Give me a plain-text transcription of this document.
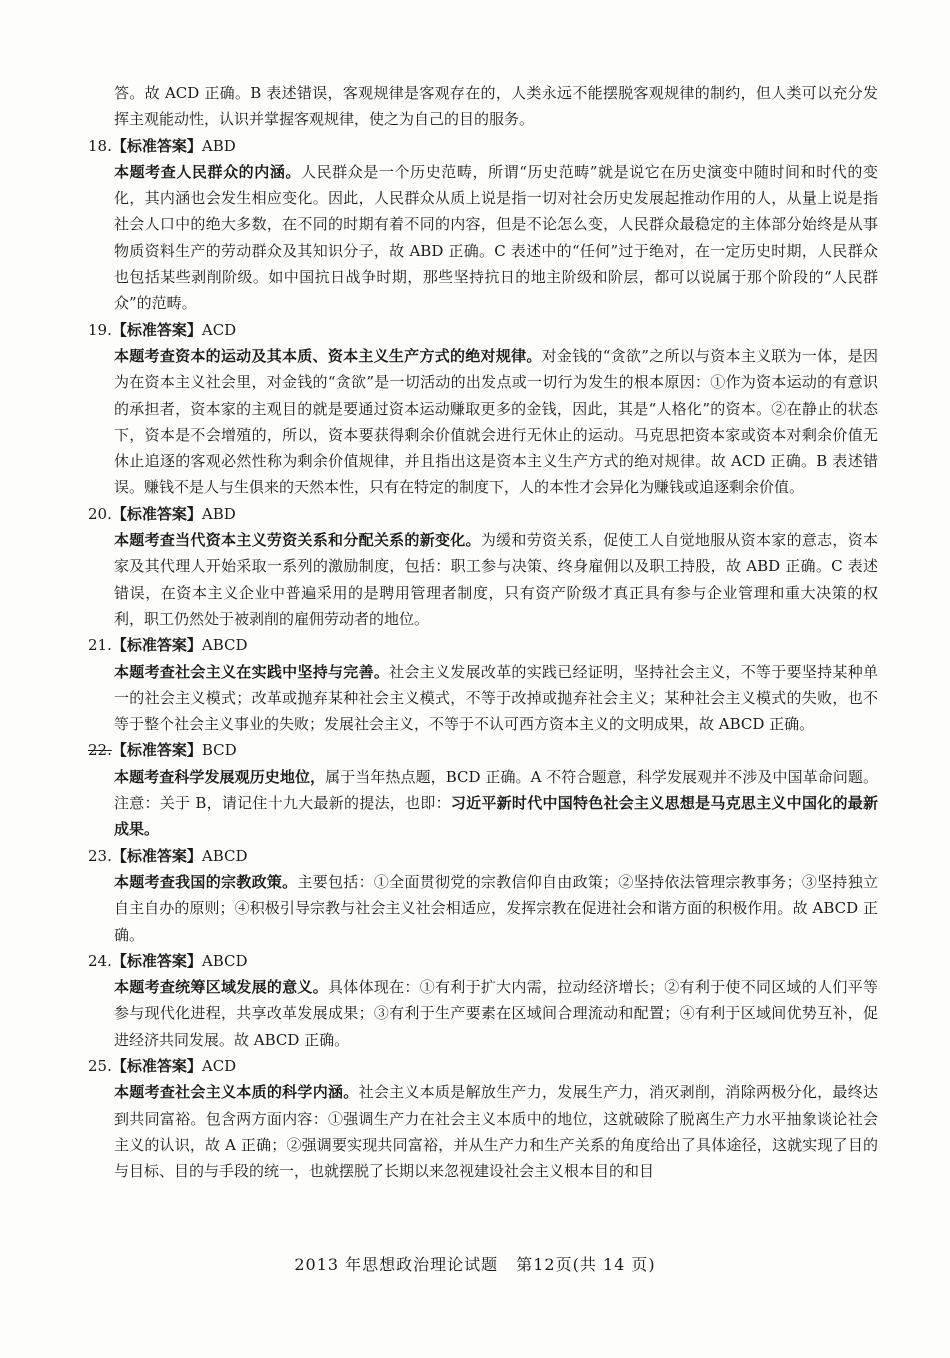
答。故 ACD 正确。B 表述错误，客观规律是客观存在的，人类永远不能摆脱客观规律的制约，但人类可以充分发挥主观能动性，认识并掌握客观规律，使之为自己的目的服务。

18.【标准答案】ABD

本题考查人民群众的内涵。人民群众是一个历史范畴，所谓“历史范畴”就是说它在历史演变中随时间和时代的变化，其内涵也会发生相应变化。因此，人民群众从质上说是指一切对社会历史发展起推动作用的人，从量上说是指社会人口中的绝大多数，在不同的时期有着不同的内容，但是不论怎么变，人民群众最稳定的主体部分始终是从事物质资料生产的劳动群众及其知识分子，故 ABD 正确。C 表述中的“任何”过于绝对，在一定历史时期，人民群众也包括某些剥削阶级。如中国抗日战争时期，那些坚持抗日的地主阶级和阶层，都可以说属于那个阶段的“人民群众”的范畴。

19.【标准答案】ACD

本题考查资本的运动及其本质、资本主义生产方式的绝对规律。对金钱的“贪欲”之所以与资本主义联为一体，是因为在资本主义社会里，对金钱的“贪欲”是一切活动的出发点或一切行为发生的根本原因：①作为资本运动的有意识的承担者，资本家的主观目的就是要通过资本运动赚取更多的金钱，因此，其是“人格化”的资本。②在静止的状态下，资本是不会增殖的，所以，资本要获得剩余价值就会进行无休止的运动。马克思把资本家或资本对剩余价值无休止追逐的客观必然性称为剩余价值规律，并且指出这是资本主义生产方式的绝对规律。故 ACD 正确。B 表述错误。赚钱不是人与生俱来的天然本性，只有在特定的制度下，人的本性才会异化为赚钱或追逐剩余价值。

20.【标准答案】ABD

本题考查当代资本主义劳资关系和分配关系的新变化。为缓和劳资关系，促使工人自觉地服从资本家的意志，资本家及其代理人开始采取一系列的激励制度，包括：职工参与决策、终身雇佣以及职工持股，故 ABD 正确。C 表述错误，在资本主义企业中普遍采用的是聘用管理者制度，只有资产阶级才真正具有参与企业管理和重大决策的权利，职工仍然处于被剥削的雇佣劳动者的地位。

21.【标准答案】ABCD

本题考查社会主义在实践中坚持与完善。社会主义发展改革的实践已经证明，坚持社会主义，不等于要坚持某种单一的社会主义模式；改革或抛弃某种社会主义模式，不等于改掉或抛弃社会主义；某种社会主义模式的失败，也不等于整个社会主义事业的失败；发展社会主义，不等于不认可西方资本主义的文明成果，故 ABCD 正确。

22.【标准答案】BCD

本题考查科学发展观历史地位，属于当年热点题，BCD 正确。A 不符合题意，科学发展观并不涉及中国革命问题。注意：关于 B，请记住十九大最新的提法，也即：习近平新时代中国特色社会主义思想是马克思主义中国化的最新成果。

23.【标准答案】ABCD

本题考查我国的宗教政策。主要包括：①全面贯彻党的宗教信仰自由政策；②坚持依法管理宗教事务；③坚持独立自主自办的原则；④积极引导宗教与社会主义社会相适应，发挥宗教在促进社会和谐方面的积极作用。故 ABCD 正确。

24.【标准答案】ABCD

本题考查统筹区域发展的意义。具体体现在：①有利于扩大内需，拉动经济增长；②有利于使不同区域的人们平等参与现代化进程，共享改革发展成果；③有利于生产要素在区域间合理流动和配置；④有利于区域间优势互补，促进经济共同发展。故 ABCD 正确。

25.【标准答案】ACD

本题考查社会主义本质的科学内涵。社会主义本质是解放生产力，发展生产力，消灭剥削，消除两极分化，最终达到共同富裕。包含两方面内容：①强调生产力在社会主义本质中的地位，这就破除了脱离生产力水平抽象谈论社会主义的认识，故 A 正确；②强调要实现共同富裕，并从生产力和生产关系的角度给出了具体途径，这就实现了目的与目标、目的与手段的统一，也就摆脱了长期以来忽视建设社会主义根本目的和目

2013 年思想政治理论试题 第12页(共 14 页)
